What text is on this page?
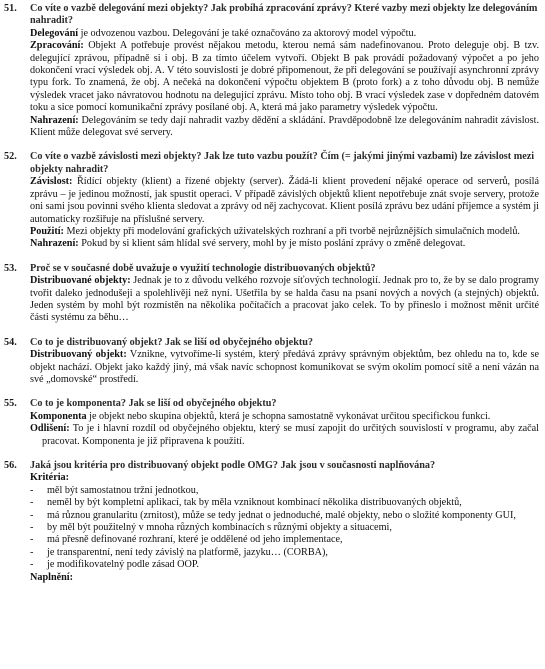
51.	Co víte o vazbě delegování mezi objekty? Jak probíhá zpracování zprávy? Které vazby mezi objekty lze delegováním nahradit?

Delegování je odvozenou vazbou. Delegování je také označováno za aktorový model výpočtu.

Zpracování: Objekt A potřebuje provést nějakou metodu, kterou nemá sám nadefinovanou. Proto deleguje obj. B tzv. delegující zprávou, případně si i obj. B za tímto účelem vytvoří. Objekt B pak provádí požadovaný výpočet a po jeho dokončení vrací výsledek obj. A. V této souvislosti je dobré připomenout, že při delegování se používají asynchronní zprávy typu fork. To znamená, že obj. A nečeká na dokončení výpočtu objektem B (proto fork) a z toho důvodu obj. B nemůže výsledek vracet jako návratovou hodnotu na delegující zprávu. Místo toho obj. B vrací výsledek zase v dopředném datovém toku a sice pomocí komunikační zprávy posílané obj. A, která má jako parametry výsledek výpočtu.

Nahrazení: Delegováním se tedy dají nahradit vazby dědění a skládání. Pravděpodobně lze delegováním nahradit závislost. Klient může delegovat své servery.

52.	Co víte o vazbě závislosti mezi objekty? Jak lze tuto vazbu použít? Čím (= jakými jinými vazbami) lze závislost mezi objekty nahradit?

Závislost: Řídící objekty (klient) a řízené objekty (server). Žádá-li klient provedení nějaké operace od serverů, posílá zprávu – je jedinou možností, jak spustit operaci. V případě závislých objektů klient nepotřebuje znát svoje servery, protože oni sami jsou povinni svého klienta sledovat a zprávy od něj zachycovat. Klient posílá zprávu bez udání příjemce a systém ji automaticky rozšiřuje na příslušné servery.

Použití: Mezi objekty při modelování grafických uživatelských rozhraní a při tvorbě nejrůznějších simulačních modelů.

Nahrazení: Pokud by si klient sám hlídal své servery, mohl by je místo poslání zprávy o změně delegovat.

53.	Proč se v současné době uvažuje o využití technologie distribuovaných objektů?

Distribuované objekty: Jednak je to z důvodu velkého rozvoje síťových technologií. Jednak pro to, že by se dalo programy tvořit daleko jednodušeji a spolehlivěji než nyní. Ušetřila by se halda času na psaní nových a nových (a stejných) objektů. Jeden systém by mohl být rozmístěn na několika počítačích a pracovat jako celek. To by přineslo i možnost měnit určité části systému za běhu…

54.	Co to je distribuovaný objekt? Jak se liší od obyčejného objektu?

Distribuovaný objekt: Vznikne, vytvoříme-li systém, který předává zprávy správným objektům, bez ohledu na to, kde se objekt nachází. Objekt jako každý jiný, má však navíc schopnost komunikovat se svým okolím pomocí sítě a není vázán na své „domovské“ prostředí.

55.	Co to je komponenta? Jak se liší od obyčejného objektu?

Komponenta je objekt nebo skupina objektů, která je schopna samostatně vykonávat určitou specifickou funkci.

Odlišení: To je i hlavní rozdíl od obyčejného objektu, který se musí zapojit do určitých souvislostí v programu, aby začal pracovat. Komponenta je již připravena k použití.

56.	Jaká jsou kritéria pro distribuovaný objekt podle OMG? Jak jsou v současnosti naplňována?

Kritéria:

-	měl být samostatnou tržní jednotkou,
-	neměl by být kompletní aplikací, tak by měla vzniknout kombinací několika distribuovaných objektů,
-	má různou granularitu (zrnitost), může se tedy jednat o jednoduché, malé objekty, nebo o složité komponenty GUI,
-	by měl být použitelný v mnoha různých kombinacích s různými objekty a situacemi,
-	má přesně definované rozhraní, které je oddělené od jeho implementace,
-	je transparentní, není tedy závislý na platformě, jazyku… (CORBA),
-	je modifikovatelný podle zásad OOP.

Naplnění:
